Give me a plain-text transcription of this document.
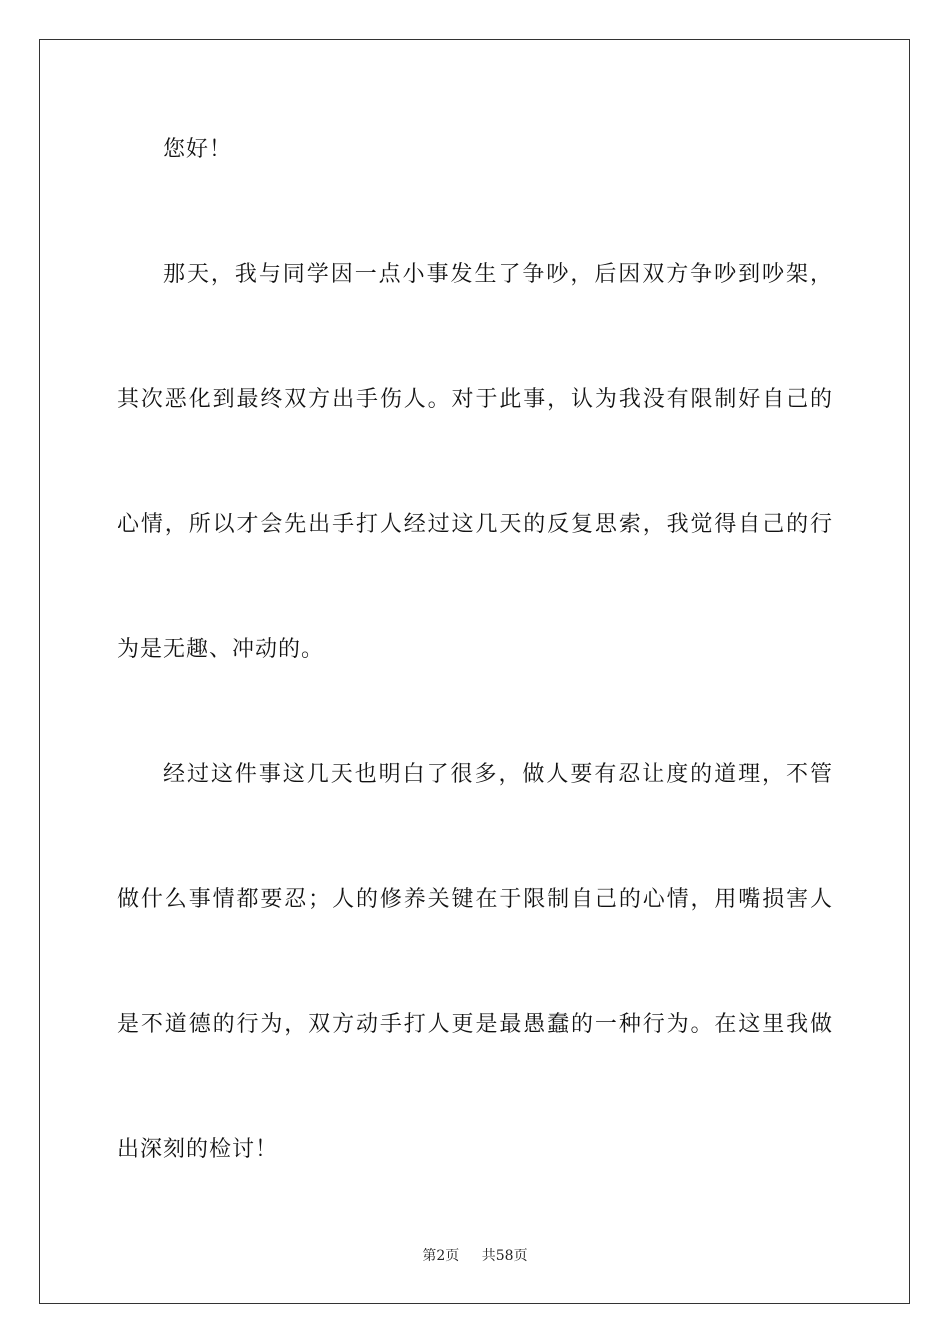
您好！
那天，我与同学因一点小事发生了争吵，后因双方争吵到吵架，
其次恶化到最终双方出手伤人。对于此事，认为我没有限制好自己的
心情，所以才会先出手打人经过这几天的反复思索，我觉得自己的行
为是无趣、冲动的。
经过这件事这几天也明白了很多，做人要有忍让度的道理，不管
做什么事情都要忍；人的修养关键在于限制自己的心情，用嘴损害人
是不道德的行为，双方动手打人更是最愚蠢的一种行为。在这里我做
出深刻的检讨！
第2页 共58页
